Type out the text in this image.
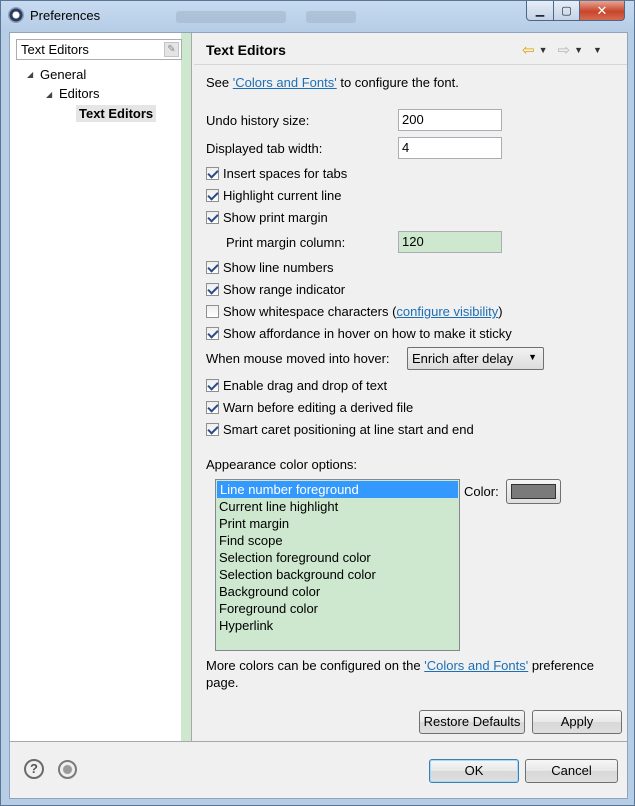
Preferences	▁ ▢ ✕
Text Editors	✎
◢ General
◢ Editors
Text Editors
Text Editors	⇦ ▼ ⇨ ▼ ▼
See 'Colors and Fonts' to configure the font.
Undo history size:	200
Displayed tab width:	4
Insert spaces for tabs
Highlight current line
Show print margin
Print margin column:	120
Show line numbers
Show range indicator
Show whitespace characters ( configure visibility )
Show affordance in hover on how to make it sticky
When mouse moved into hover:	Enrich after delay ▼
Enable drag and drop of text
Warn before editing a derived file
Smart caret positioning at line start and end
Appearance color options:
Line number foreground
Current line highlight
Print margin
Find scope
Selection foreground color
Selection background color
Background color
Foreground color
Hyperlink
Color:
More colors can be configured on the 'Colors and Fonts' preference
page.
Restore Defaults	Apply
?	OK	Cancel
